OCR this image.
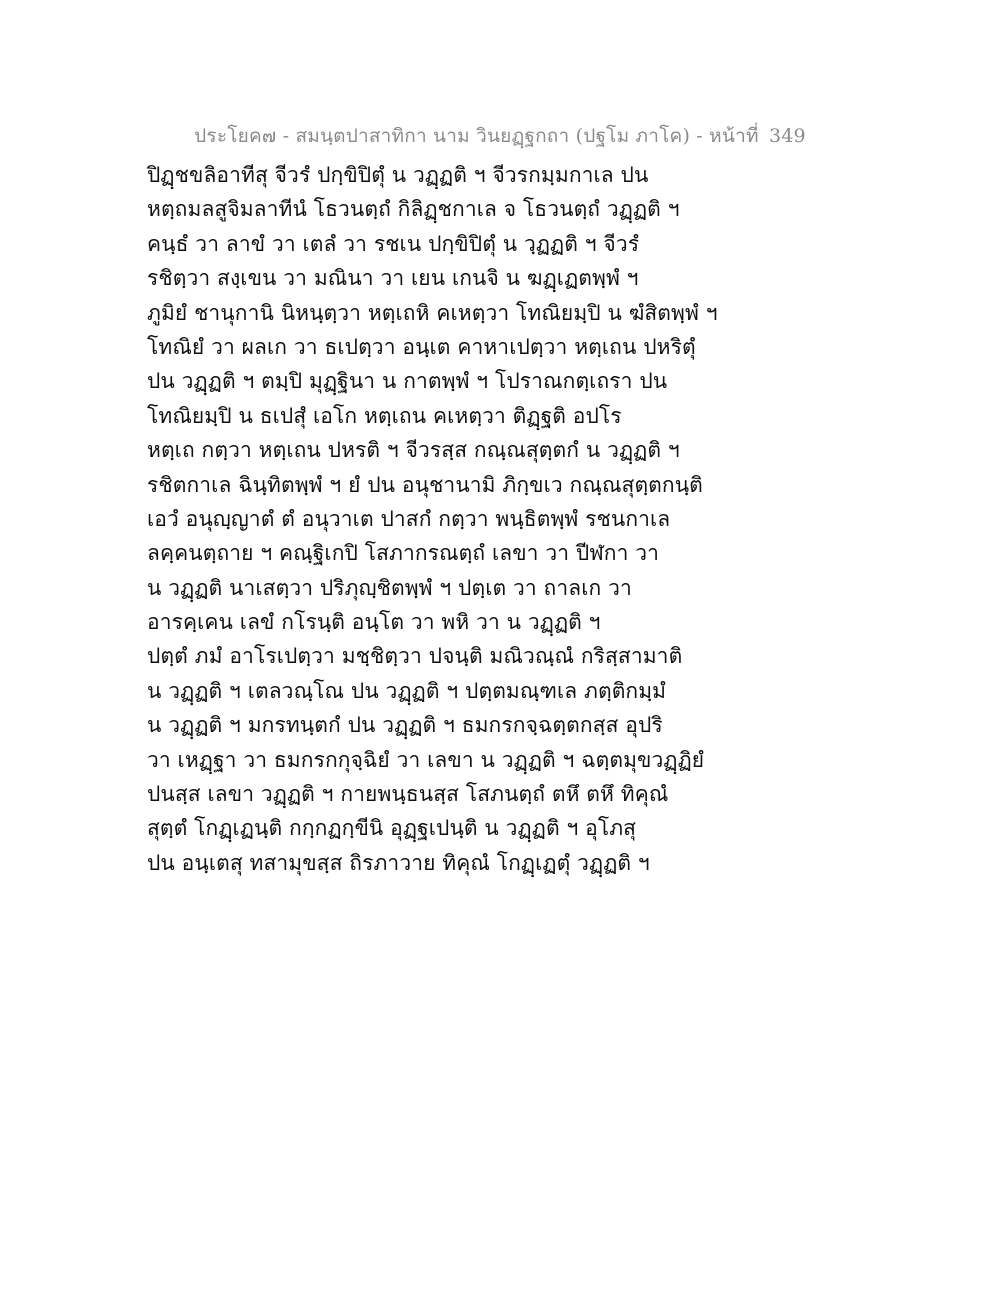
ประโยค๗ - สมนฺตปาสาทิกา นาม วินยฏฺฐกถา (ปฐโม ภาโค) - หน้าที่ 349
ปิฏฺชขลิอาทีสุ จีวรํ ปกฺขิปิตุํ น วฏฺฏติ ฯ จีวรกมฺมกาเล ปน
หตฺถมลสูจิมลาทีนํ โธวนตฺถํ กิลิฏฺชกาเล จ โธวนตฺถํ วฏฺฏติ ฯ
คนฺธํ วา ลาขํ วา เตลํ วา รชเน ปกฺขิปิตุํ น วฺฏฏติ ฯ จีวรํ
รชิตฺวา สงฺเขน วา มณินา วา เยน เกนจิ น ฆฏฺเฏตพฺพํ ฯ
ภูมิยํ ชานุกานิ นิหนฺตฺวา หตฺเถหิ คเหตฺวา โทณิยมฺปิ น ฆํสิตพฺพํ ฯ
โทณิยํ วา ผลเก วา ธเปตฺวา อนฺเต คาหาเปตฺวา หตฺเถน ปหริตุํ
ปน วฏฺฏติ ฯ ตมฺปิ มุฏฺฐินา น กาตพฺพํ ฯ โปราณกตฺเถรา ปน
โทณิยมฺปิ น ธเปสุํ เอโก หตฺเถน คเหตฺวา ติฏฺฐติ อปโร
หตฺเถ กตฺวา หตฺเถน ปหรติ ฯ จีวรสฺส กณฺณสุตฺตกํ น วฏฺฏติ ฯ
รชิตกาเล ฉินฺทิตพฺพํ ฯ ยํ ปน อนุชานามิ ภิกฺขเว กณฺณสุตฺตกนฺติ
เอวํ อนุญฺญาตํ ตํ อนุวาเต ปาสกํ กตฺวา พนฺธิตพฺพํ รชนกาเล
ลคฺคนตฺถาย ฯ คณฺฐิเกปิ โสภากรณตฺถํ เลขา วา ปีฬกา วา
น วฏฺฏติ นาเสตฺวา ปริภุญฺชิตพฺพํ ฯ ปตฺเต วา ถาลเก วา
อารคฺเคน เลขํ กโรนฺติ อนฺโต วา พหิ วา น วฏฺฏติ ฯ
ปตฺตํ ภมํ อาโรเปตฺวา มชฺชิตฺวา ปจนฺติ มณิวณฺณํ กริสฺสามาติ
น วฏฺฏติ ฯ เตลวณฺโณ ปน วฏฺฏติ ฯ ปตฺตมณฺฑเล ภตฺติกมฺมํ
น วฏฺฏติ ฯ มกรทนฺตกํ ปน วฏฺฏติ ฯ ธมกรกจฺฉตฺตกสฺส อุปริ
วา เหฏฺฐา วา ธมกรกกุจฺฉิยํ วา เลขา น วฏฺฏติ ฯ ฉตฺตมุขวฏฺฏิยํ
ปนสฺส เลขา วฏฺฏติ ฯ กายพนฺธนสฺส โสภนตฺถํ ตหึ ตหึ ทิคุณํ
สุตฺตํ โกฏฺเฏนฺติ กกฺกฏกฺขีนิ อุฏฺฐเปนฺติ น วฏฺฏติ ฯ อุโภสุ
ปน อนฺเตสุ ทสามุขสฺส ถิรภาวาย ทิคุณํ โกฏฺเฏตุํ วฏฺฏติ ฯ
